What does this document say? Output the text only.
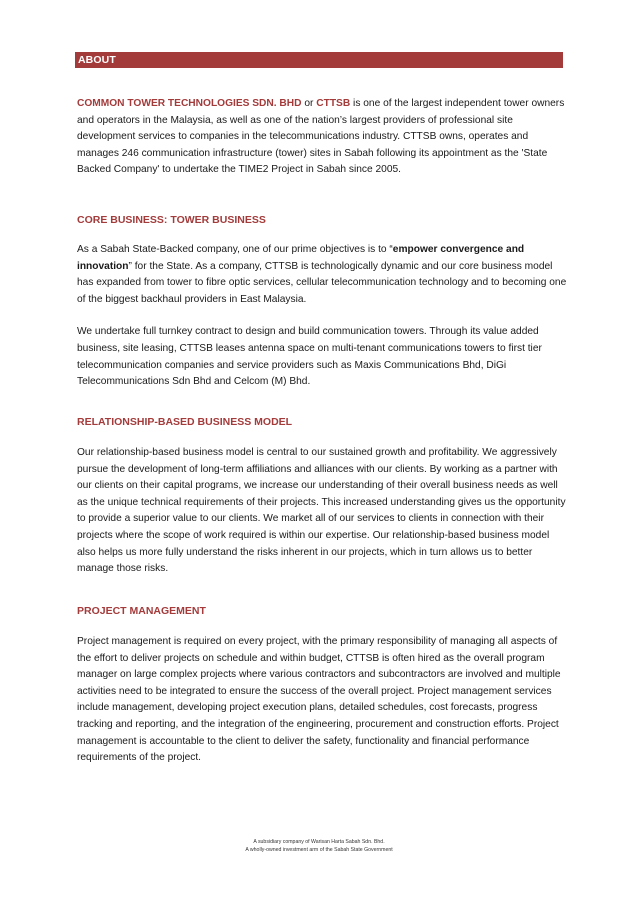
ABOUT

COMMON TOWER TECHNOLOGIES SDN. BHD or CTTSB is one of the largest independent tower owners and operators in the Malaysia, as well as one of the nation’s largest providers of professional site development services to companies in the telecommunications industry. CTTSB owns, operates and manages 246 communication infrastructure (tower) sites in Sabah following its appointment as the 'State Backed Company' to undertake the TIME2 Project in Sabah since 2005.

CORE BUSINESS: TOWER BUSINESS

As a Sabah State-Backed company, one of our prime objectives is to “empower convergence and innovation” for the State. As a company, CTTSB is technologically dynamic and our core business model has expanded from tower to fibre optic services, cellular telecommunication technology and to becoming one of the biggest backhaul providers in East Malaysia.

We undertake full turnkey contract to design and build communication towers. Through its value added business, site leasing, CTTSB leases antenna space on multi-tenant communications towers to first tier telecommunication companies and service providers such as Maxis Communications Bhd, DiGi Telecommunications Sdn Bhd and Celcom (M) Bhd.

RELATIONSHIP-BASED BUSINESS MODEL

Our relationship-based business model is central to our sustained growth and profitability. We aggressively pursue the development of long-term affiliations and alliances with our clients. By working as a partner with our clients on their capital programs, we increase our understanding of their overall business needs as well as the unique technical requirements of their projects. This increased understanding gives us the opportunity to provide a superior value to our clients. We market all of our services to clients in connection with their projects where the scope of work required is within our expertise. Our relationship-based business model also helps us more fully understand the risks inherent in our projects, which in turn allows us to better manage those risks.

PROJECT MANAGEMENT

Project management is required on every project, with the primary responsibility of managing all aspects of the effort to deliver projects on schedule and within budget, CTTSB is often hired as the overall program manager on large complex projects where various contractors and subcontractors are involved and multiple activities need to be integrated to ensure the success of the overall project. Project management services include management, developing project execution plans, detailed schedules, cost forecasts, progress tracking and reporting, and the integration of the engineering, procurement and construction efforts. Project management is accountable to the client to deliver the safety, functionality and financial performance requirements of the project.

A subsidiary company of Warisan Harta Sabah Sdn. Bhd.
A wholly-owned investment arm of the Sabah State Government
